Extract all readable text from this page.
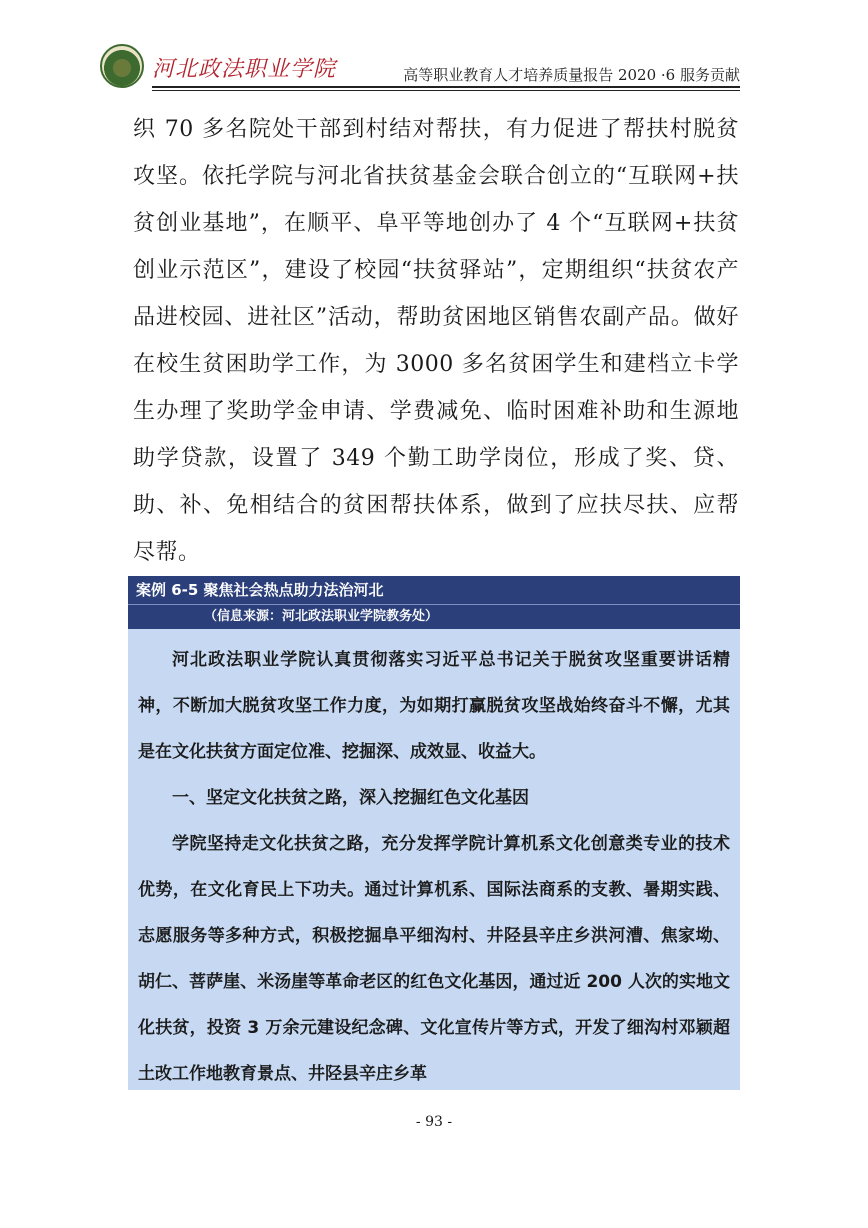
河北政法职业学院	高等职业教育人才培养质量报告 2020 ·6 服务贡献

织 70 多名院处干部到村结对帮扶，有力促进了帮扶村脱贫攻坚。依托学院与河北省扶贫基金会联合创立的“互联网+扶贫创业基地”，在顺平、阜平等地创办了 4 个“互联网+扶贫创业示范区”，建设了校园“扶贫驿站”，定期组织“扶贫农产品进校园、进社区”活动，帮助贫困地区销售农副产品。做好在校生贫困助学工作，为 3000 多名贫困学生和建档立卡学生办理了奖助学金申请、学费减免、临时困难补助和生源地助学贷款，设置了 349 个勤工助学岗位，形成了奖、贷、助、补、免相结合的贫困帮扶体系，做到了应扶尽扶、应帮尽帮。

案例 6-5 聚焦社会热点助力法治河北
（信息来源：河北政法职业学院教务处）

河北政法职业学院认真贯彻落实习近平总书记关于脱贫攻坚重要讲话精神，不断加大脱贫攻坚工作力度，为如期打赢脱贫攻坚战始终奋斗不懈，尤其是在文化扶贫方面定位准、挖掘深、成效显、收益大。

一、坚定文化扶贫之路，深入挖掘红色文化基因

学院坚持走文化扶贫之路，充分发挥学院计算机系文化创意类专业的技术优势，在文化育民上下功夫。通过计算机系、国际法商系的支教、暑期实践、志愿服务等多种方式，积极挖掘阜平细沟村、井陉县辛庄乡洪河漕、焦家坳、胡仁、菩萨崖、米汤崖等革命老区的红色文化基因，通过近 200 人次的实地文化扶贫，投资 3 万余元建设纪念碑、文化宣传片等方式，开发了细沟村邓颖超土改工作地教育景点、井陉县辛庄乡革

- 93 -
